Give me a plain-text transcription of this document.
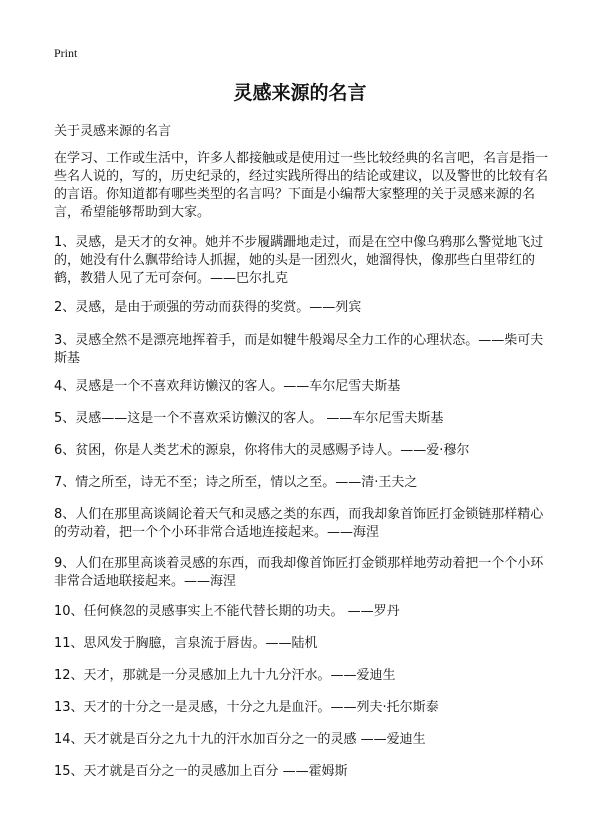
Print
灵感来源的名言
关于灵感来源的名言
在学习、工作或生活中，许多人都接触或是使用过一些比较经典的名言吧，名言是指一些名人说的，写的，历史纪录的，经过实践所得出的结论或建议，以及警世的比较有名的言语。你知道都有哪些类型的名言吗？下面是小编帮大家整理的关于灵感来源的名言，希望能够帮助到大家。
1、灵感，是天才的女神。她并不步履蹒跚地走过，而是在空中像乌鸦那么警觉地飞过的，她没有什么飘带给诗人抓握，她的头是一团烈火，她溜得快，像那些白里带红的鹤，教猎人见了无可奈何。——巴尔扎克
2、灵感，是由于顽强的劳动而获得的奖赏。——列宾
3、灵感全然不是漂亮地挥着手，而是如犍牛般竭尽全力工作的心理状态。——柴可夫斯基
4、灵感是一个不喜欢拜访懒汉的客人。——车尔尼雪夫斯基
5、灵感——这是一个不喜欢采访懒汉的客人。 ——车尔尼雪夫斯基
6、贫困，你是人类艺术的源泉，你将伟大的灵感赐予诗人。——爱·穆尔
7、情之所至，诗无不至；诗之所至，情以之至。——清·王夫之
8、人们在那里高谈阔论着天气和灵感之类的东西，而我却象首饰匠打金锁链那样精心的劳动着，把一个个小环非常合适地连接起来。——海涅
9、人们在那里高谈着灵感的东西，而我却像首饰匠打金锁那样地劳动着把一个个小环非常合适地联接起来。——海涅
10、任何倏忽的灵感事实上不能代替长期的功夫。 ——罗丹
11、思风发于胸臆，言泉流于唇齿。——陆机
12、天才，那就是一分灵感加上九十九分汗水。——爱迪生
13、天才的十分之一是灵感，十分之九是血汗。——列夫·托尔斯泰
14、天才就是百分之九十九的汗水加百分之一的灵感 ——爱迪生
15、天才就是百分之一的灵感加上百分 ——霍姆斯
